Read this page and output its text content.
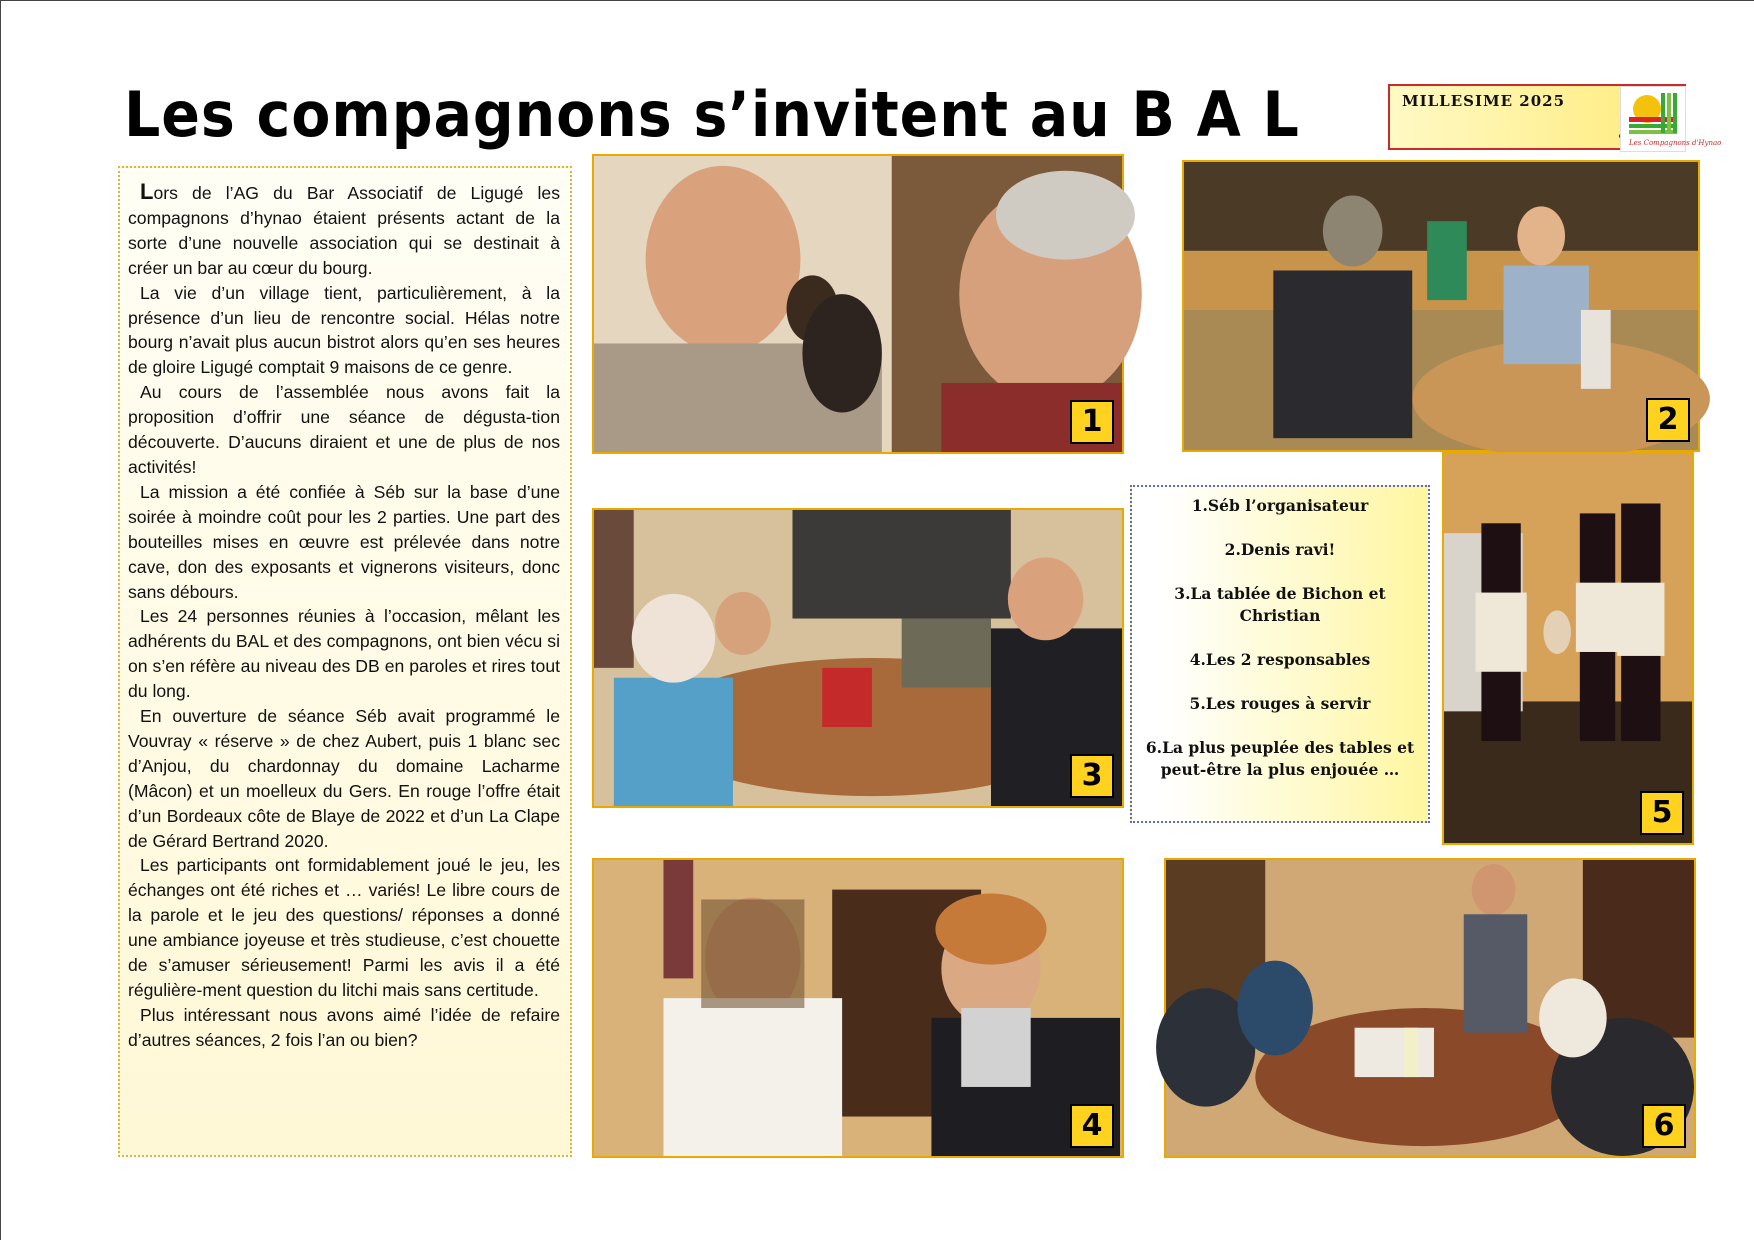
Les compagnons s’invitent au B A L	MILLESIME 2025
Les Compagnons d'Hynao

Lors de l’AG du Bar Associatif de Ligugé les compagnons d’hynao étaient présents actant de la sorte d’une nouvelle association qui se destinait à créer un bar au cœur du bourg.

La vie d’un village tient, particulièrement, à la présence d’un lieu de rencontre social. Hélas notre bourg n’avait plus aucun bistrot alors qu’en ses heures de gloire Ligugé comptait 9 maisons de ce genre.

Au cours de l’assemblée nous avons fait la proposition d’offrir une séance de dégusta-tion découverte. D’aucuns diraient et une de plus de nos activités!

La mission a été confiée à Séb sur la base d’une soirée à moindre coût pour les 2 parties. Une part des bouteilles mises en œuvre est prélevée dans notre cave, don des exposants et vignerons visiteurs, donc sans débours.

Les 24 personnes réunies à l’occasion, mêlant les adhérents du BAL et des compagnons, ont bien vécu si on s’en réfère au niveau des DB en paroles et rires tout du long.

En ouverture de séance Séb avait programmé le Vouvray « réserve » de chez Aubert, puis 1 blanc sec d’Anjou, du chardonnay du domaine Lacharme (Mâcon) et un moelleux du Gers. En rouge l’offre était d’un Bordeaux côte de Blaye de 2022 et d’un La Clape de Gérard Bertrand 2020.

Les participants ont formidablement joué le jeu, les échanges ont été riches et … variés! Le libre cours de la parole et le jeu des questions/ réponses a donné une ambiance joyeuse et très studieuse, c’est chouette de s’amuser sérieusement! Parmi les avis il a été régulière-ment question du litchi mais sans certitude.

Plus intéressant nous avons aimé l’idée de refaire d’autres séances, 2 fois l’an ou bien?

1	2
3
4
5
6
1.Séb l’organisateur
2.Denis ravi!
3.La tablée de Bichon et Christian
4.Les 2 responsables
5.Les rouges à servir
6.La plus peuplée des tables et peut-être la plus enjouée …
